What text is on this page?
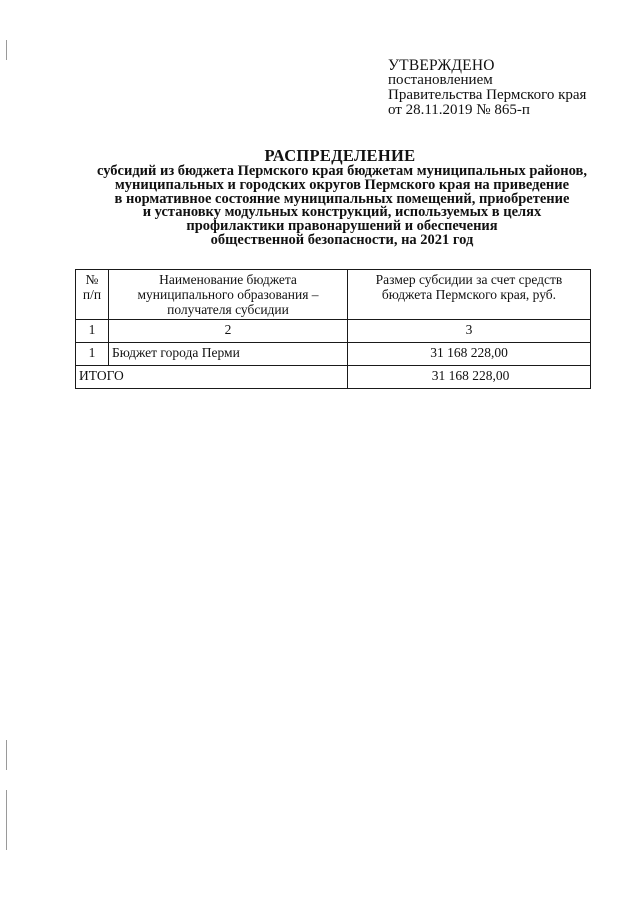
УТВЕРЖДЕНО
постановлением
Правительства Пермского края
от 28.11.2019 № 865-п
РАСПРЕДЕЛЕНИЕ
субсидий из бюджета Пермского края бюджетам муниципальных районов,
муниципальных и городских округов Пермского края на приведение
в нормативное состояние муниципальных помещений, приобретение
и установку модульных конструкций, используемых в целях
профилактики правонарушений и обеспечения
общественной безопасности, на 2021 год
№ п/п	Наименование бюджета муниципального образования – получателя субсидии	Размер субсидии за счет средств бюджета Пермского края, руб.
1	2	3
1	Бюджет города Перми	31 168 228,00
ИТОГО		31 168 228,00
